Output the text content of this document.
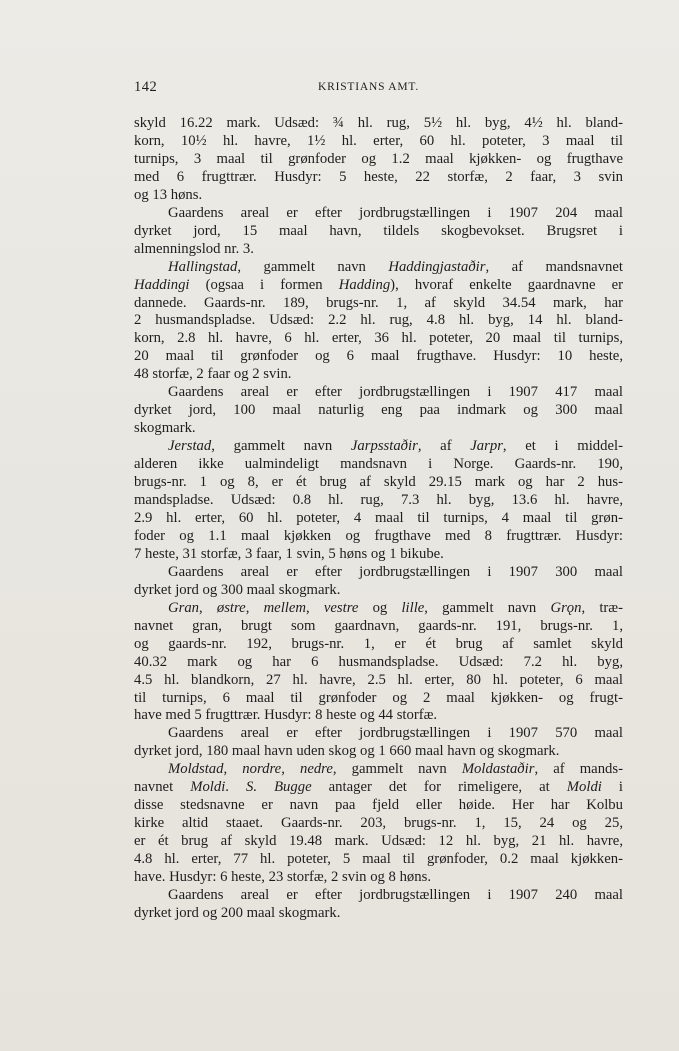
142	KRISTIANS AMT.
skyld 16.22 mark. Udsæd: ¾ hl. rug, 5½ hl. byg, 4½ hl. bland-
korn, 10½ hl. havre, 1½ hl. erter, 60 hl. poteter, 3 maal til
turnips, 3 maal til grønfoder og 1.2 maal kjøkken- og frugthave
med 6 frugttrær. Husdyr: 5 heste, 22 storfæ, 2 faar, 3 svin
og 13 høns.
Gaardens areal er efter jordbrugstællingen i 1907 204 maal
dyrket jord, 15 maal havn, tildels skogbevokset. Brugsret i
almenningslod nr. 3.
Hallingstad, gammelt navn Haddingjastaðir, af mandsnavnet
Haddingi (ogsaa i formen Hadding), hvoraf enkelte gaardnavne er
dannede. Gaards-nr. 189, brugs-nr. 1, af skyld 34.54 mark, har
2 husmandspladse. Udsæd: 2.2 hl. rug, 4.8 hl. byg, 14 hl. bland-
korn, 2.8 hl. havre, 6 hl. erter, 36 hl. poteter, 20 maal til turnips,
20 maal til grønfoder og 6 maal frugthave. Husdyr: 10 heste,
48 storfæ, 2 faar og 2 svin.
Gaardens areal er efter jordbrugstællingen i 1907 417 maal
dyrket jord, 100 maal naturlig eng paa indmark og 300 maal
skogmark.
Jerstad, gammelt navn Jarpsstaðir, af Jarpr, et i middel-
alderen ikke ualmindeligt mandsnavn i Norge. Gaards-nr. 190,
brugs-nr. 1 og 8, er ét brug af skyld 29.15 mark og har 2 hus-
mandspladse. Udsæd: 0.8 hl. rug, 7.3 hl. byg, 13.6 hl. havre,
2.9 hl. erter, 60 hl. poteter, 4 maal til turnips, 4 maal til grøn-
foder og 1.1 maal kjøkken og frugthave med 8 frugttrær. Husdyr:
7 heste, 31 storfæ, 3 faar, 1 svin, 5 høns og 1 bikube.
Gaardens areal er efter jordbrugstællingen i 1907 300 maal
dyrket jord og 300 maal skogmark.
Gran, østre, mellem, vestre og lille, gammelt navn Grǫn, træ-
navnet gran, brugt som gaardnavn, gaards-nr. 191, brugs-nr. 1,
og gaards-nr. 192, brugs-nr. 1, er ét brug af samlet skyld
40.32 mark og har 6 husmandspladse. Udsæd: 7.2 hl. byg,
4.5 hl. blandkorn, 27 hl. havre, 2.5 hl. erter, 80 hl. poteter, 6 maal
til turnips, 6 maal til grønfoder og 2 maal kjøkken- og frugt-
have med 5 frugttrær. Husdyr: 8 heste og 44 storfæ.
Gaardens areal er efter jordbrugstællingen i 1907 570 maal
dyrket jord, 180 maal havn uden skog og 1 660 maal havn og skogmark.
Moldstad, nordre, nedre, gammelt navn Moldastaðir, af mands-
navnet Moldi. S. Bugge antager det for rimeligere, at Moldi i
disse stedsnavne er navn paa fjeld eller høide. Her har Kolbu
kirke altid staaet. Gaards-nr. 203, brugs-nr. 1, 15, 24 og 25,
er ét brug af skyld 19.48 mark. Udsæd: 12 hl. byg, 21 hl. havre,
4.8 hl. erter, 77 hl. poteter, 5 maal til grønfoder, 0.2 maal kjøkken-
have. Husdyr: 6 heste, 23 storfæ, 2 svin og 8 høns.
Gaardens areal er efter jordbrugstællingen i 1907 240 maal
dyrket jord og 200 maal skogmark.
